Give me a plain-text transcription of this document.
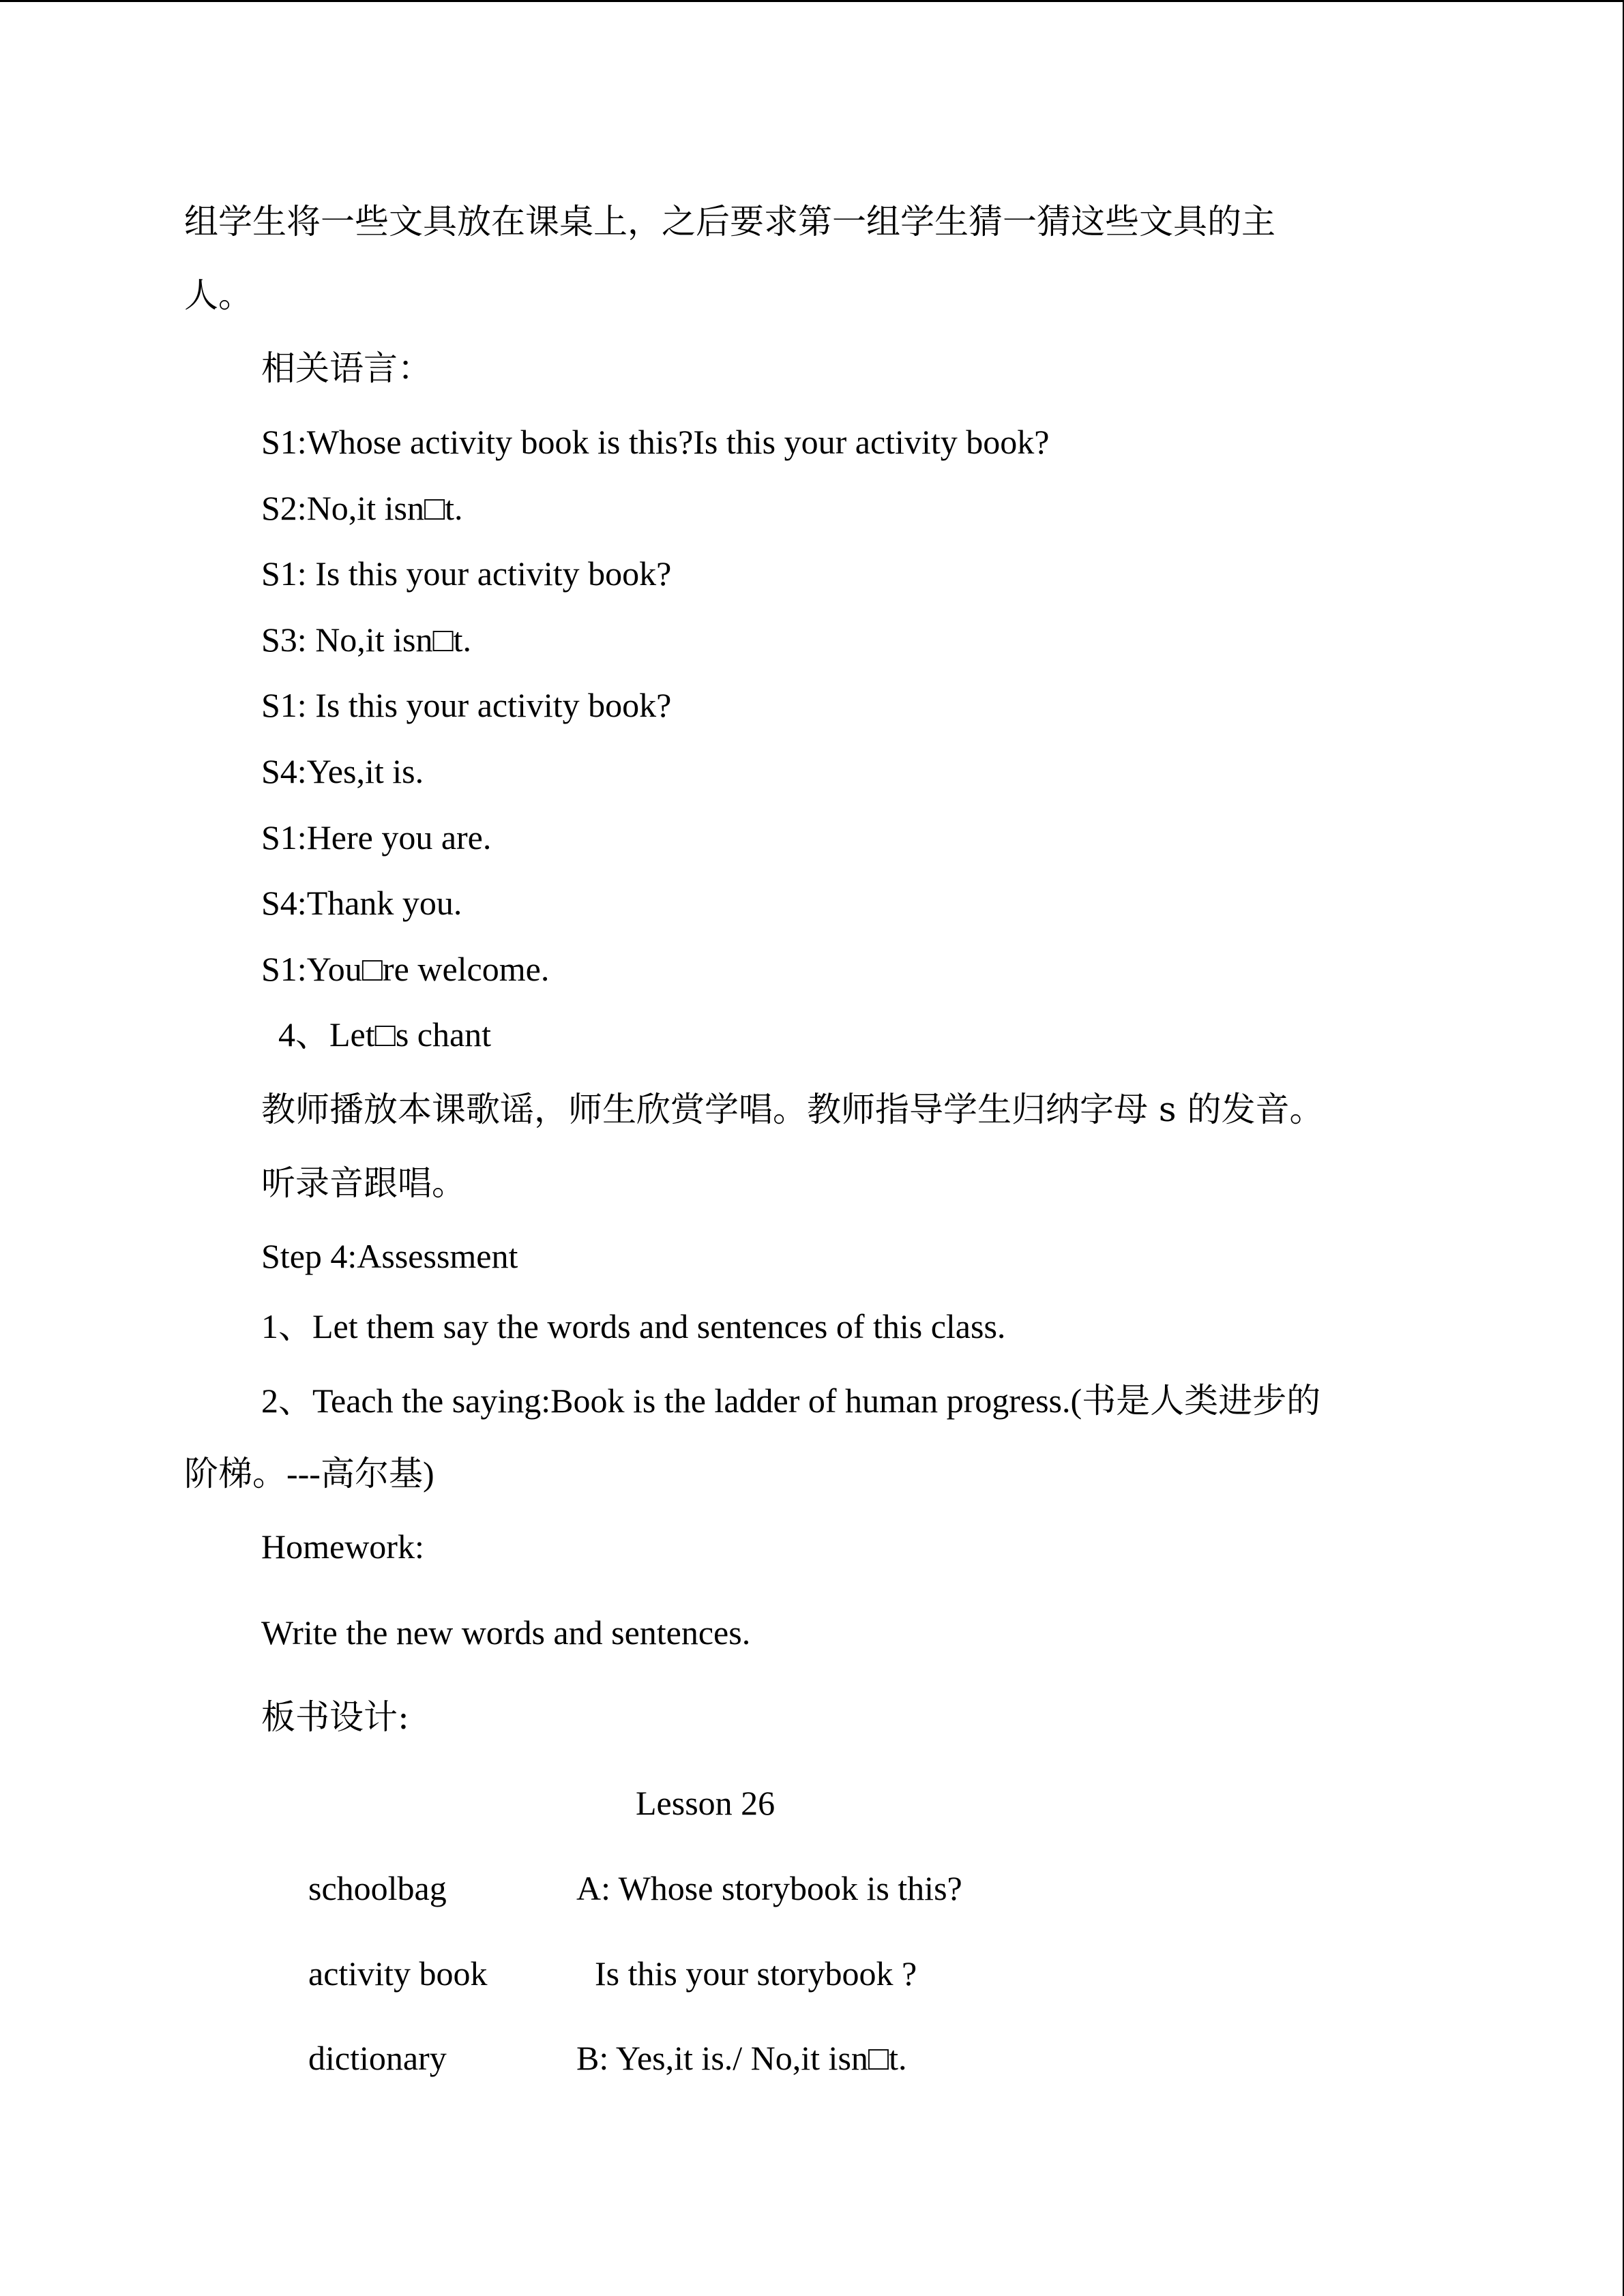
组学生将一些文具放在课桌上，之后要求第一组学生猜一猜这些文具的主
人。
相关语言：
S1:Whose activity book is this?Is this your activity book?
S2:No,it isn□t.
S1: Is this your activity book?
S3: No,it isn□t.
S1: Is this your activity book?
S4:Yes,it is.
S1:Here you are.
S4:Thank you.
S1:You□re welcome.
4、Let□s chant
教师播放本课歌谣，师生欣赏学唱。教师指导学生归纳字母 s 的发音。
听录音跟唱。
Step 4:Assessment
1、Let them say the words and sentences of this class.
2、Teach the saying:Book is the ladder of human progress.(书是人类进步的
阶梯。---高尔基)
Homework:
Write the new words and sentences.
板书设计:
Lesson 26
schoolbag	A: Whose storybook is this?
activity book	Is this your storybook ?
dictionary	B: Yes,it is./ No,it isn□t.
